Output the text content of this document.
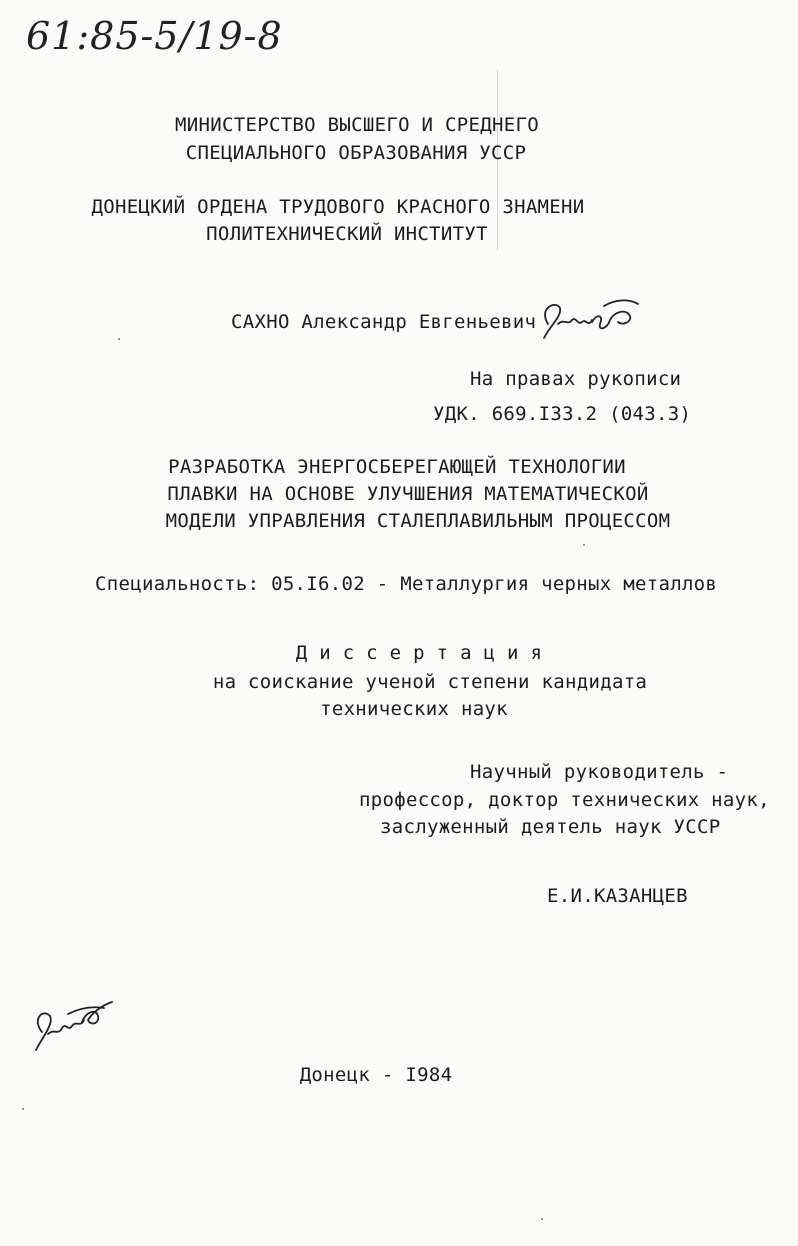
61:85-5/19-8
МИНИСТЕРСТВО ВЫСШЕГО И СРЕДНЕГО
СПЕЦИАЛЬНОГО ОБРАЗОВАНИЯ УССР
ДОНЕЦКИЙ ОРДЕНА ТРУДОВОГО КРАСНОГО ЗНАМЕНИ
ПОЛИТЕХНИЧЕСКИЙ ИНСТИТУТ
САХНО Александр Евгеньевич
На правах рукописи
УДК. 669.I33.2 (043.3)
РАЗРАБОТКА ЭНЕРГОСБЕРЕГАЮЩЕЙ ТЕХНОЛОГИИ
ПЛАВКИ НА ОСНОВЕ УЛУЧШЕНИЯ МАТЕМАТИЧЕСКОЙ
МОДЕЛИ УПРАВЛЕНИЯ СТАЛЕПЛАВИЛЬНЫМ ПРОЦЕССОМ
Специальность: 05.I6.02 - Металлургия черных металлов
Д и с с е р т а ц и я
на соискание ученой степени кандидата
технических наук
Научный руководитель -
профессор, доктор технических наук,
заслуженный деятель наук УССР
Е.И.КАЗАНЦЕВ
Донецк - I984
